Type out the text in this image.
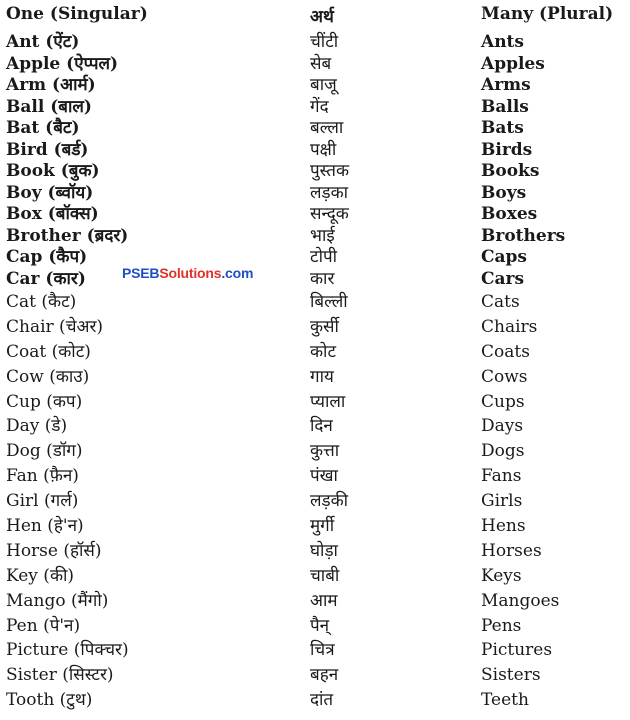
One (Singular)	अर्थ	Many (Plural)
Ant (ऐंट)	चींटी	Ants
Apple (ऐप्पल)	सेब	Apples
Arm (आर्म)	बाजू	Arms
Ball (बाल)	गेंद	Balls
Bat (बैट)	बल्ला	Bats
Bird (बर्ड)	पक्षी	Birds
Book (बुक)	पुस्तक	Books
Boy (ब्वॉय)	लड़का	Boys
Box (बॉक्स)	सन्दूक	Boxes
Brother (ब्रदर)	भाई	Brothers
Cap (कैप)	टोपी	Caps
Car (कार)	कार	Cars
Cat (कैट)	बिल्ली	Cats
Chair (चेअर)	कुर्सी	Chairs
Coat (कोट)	कोट	Coats
Cow (काउ)	गाय	Cows
Cup (कप)	प्याला	Cups
Day (डे)	दिन	Days
Dog (डॉग)	कुत्ता	Dogs
Fan (फ़ैन)	पंखा	Fans
Girl (गर्ल)	लड़की	Girls
Hen (हे'न)	मुर्गी	Hens
Horse (हॉर्स)	घोड़ा	Horses
Key (की)	चाबी	Keys
Mango (मैंगो)	आम	Mangoes
Pen (पे'न)	पैन्	Pens
Picture (पिक्चर)	चित्र	Pictures
Sister (सिस्टर)	बहन	Sisters
Tooth (टुथ)	दांत	Teeth
PSEBSolutions.com
